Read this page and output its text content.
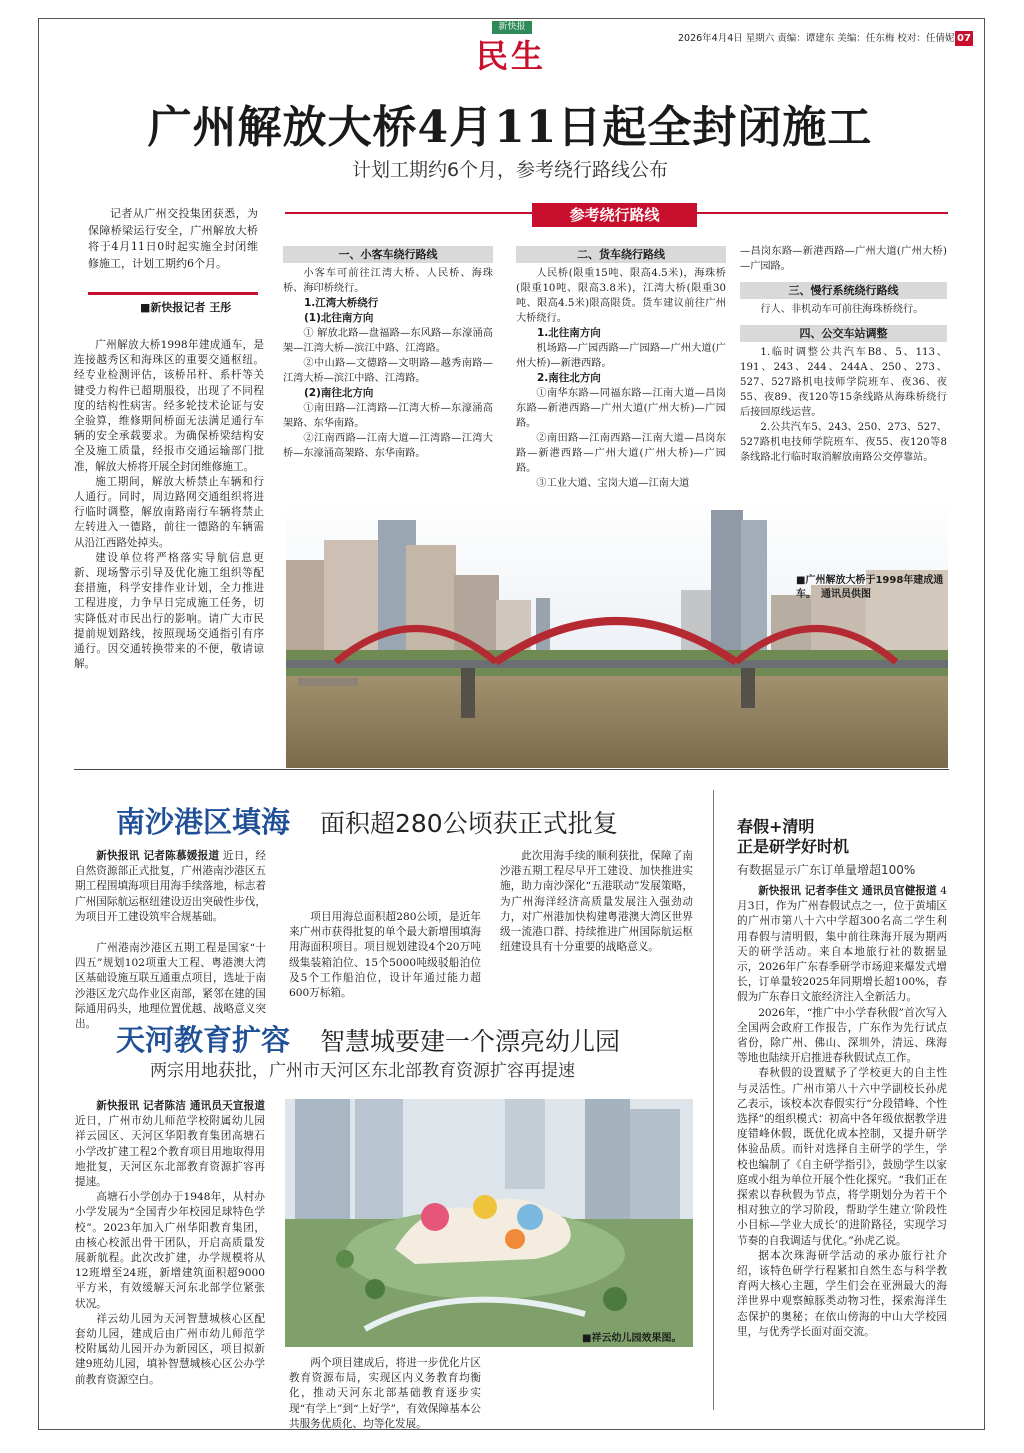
新快报
民生	2026年4月4日 星期六 责编：谭建东 美编：任东梅 校对：任倩妮 07
广州解放大桥4月11日起全封闭施工
计划工期约6个月，参考绕行路线公布
记者从广州交投集团获悉，为保障桥梁运行安全，广州解放大桥将于4月11日0时起实施全封闭维修施工，计划工期约6个月。
■新快报记者 王彤

广州解放大桥1998年建成通车，是连接越秀区和海珠区的重要交通枢纽。经专业检测评估，该桥吊杆、系杆等关键受力构件已超期服役，出现了不同程度的结构性病害。经多轮技术论证与安全验算，维修期间桥面无法满足通行车辆的安全承载要求。为确保桥梁结构安全及施工质量，经报市交通运输部门批准，解放大桥将开展全封闭维修施工。

施工期间，解放大桥禁止车辆和行人通行。同时，周边路网交通组织将进行临时调整，解放南路南行车辆将禁止左转进入一德路，前往一德路的车辆需从沿江西路处掉头。

建设单位将严格落实导航信息更新、现场警示引导及优化施工组织等配套措施，科学安排作业计划，全力推进工程进度，力争早日完成施工任务，切实降低对市民出行的影响。请广大市民提前规划路线，按照现场交通指引有序通行。因交通转换带来的不便，敬请谅解。

参考绕行路线
一、小客车绕行路线

小客车可前往江湾大桥、人民桥、海珠桥、海印桥绕行。

1.江湾大桥绕行

(1)北往南方向

① 解放北路—盘福路—东风路—东濠涌高架—江湾大桥—滨江中路、江湾路。

②中山路—文德路—文明路—越秀南路—江湾大桥—滨江中路、江湾路。

(2)南往北方向

①南田路—江湾路—江湾大桥—东濠涌高架路、东华南路。

②江南西路—江南大道—江湾路—江湾大桥—东濠涌高架路、东华南路。

二、货车绕行路线

人民桥(限重15吨、限高4.5米)，海珠桥(限重10吨、限高3.8米)，江湾大桥(限重30吨、限高4.5米)限高限货。货车建议前往广州大桥绕行。

1.北往南方向

机场路—广园西路—广园路—广州大道(广州大桥)—新港西路。

2.南往北方向

①南华东路—同福东路—江南大道—昌岗东路—新港西路—广州大道(广州大桥)—广园路。

②南田路—江南西路—江南大道—昌岗东路—新港西路—广州大道(广州大桥)—广园路。

③工业大道、宝岗大道—江南大道

—昌岗东路—新港西路—广州大道(广州大桥)—广园路。

三、慢行系统绕行路线

行人、非机动车可前往海珠桥绕行。

四、公交车站调整

1.临时调整公共汽车B8、5、113、191、243、244、244A、250、273、527、527路机电技师学院班车、夜36、夜55、夜89、夜120等15条线路从海珠桥绕行后接回原线运营。

2.公共汽车5、243、250、273、527、527路机电技师学院班车、夜55、夜120等8条线路北行临时取消解放南路公交停靠站。

■广州解放大桥于1998年建成通车。　通讯员供图
南沙港区填海 面积超280公顷获正式批复

新快报讯 记者陈慕媛报道 近日，经自然资源部正式批复，广州港南沙港区五期工程围填海项目用海手续落地，标志着广州国际航运枢纽建设迈出突破性步伐，为项目开工建设筑牢合规基础。

广州港南沙港区五期工程是国家“十四五”规划102项重大工程、粤港澳大湾区基础设施互联互通重点项目，选址于南沙港区龙穴岛作业区南部，紧邻在建的国际通用码头，地理位置优越、战略意义突出。

项目用海总面积超280公顷，是近年来广州市获得批复的单个最大新增围填海用海面积项目。项目规划建设4个20万吨级集装箱泊位、15个5000吨级驳船泊位及5个工作船泊位，设计年通过能力超600万标箱。

此次用海手续的顺利获批，保障了南沙港五期工程尽早开工建设、加快推进实施，助力南沙深化“五港联动”发展策略，为广州海洋经济高质量发展注入强劲动力，对广州港加快构建粤港澳大湾区世界级一流港口群、持续推进广州国际航运枢纽建设具有十分重要的战略意义。

天河教育扩容 智慧城要建一个漂亮幼儿园
两宗用地获批，广州市天河区东北部教育资源扩容再提速

新快报讯 记者陈洁 通讯员天宣报道 近日，广州市幼儿师范学校附属幼儿园祥云园区、天河区华阳教育集团高塘石小学改扩建工程2个教育项目用地取得用地批复，天河区东北部教育资源扩容再提速。

高塘石小学创办于1948年，从村办小学发展为“全国青少年校园足球特色学校”。2023年加入广州华阳教育集团，由核心校派出骨干团队，开启高质量发展新航程。此次改扩建，办学规模将从12班增至24班，新增建筑面积超9000平方米，有效缓解天河东北部学位紧张状况。

祥云幼儿园为天河智慧城核心区配套幼儿园，建成后由广州市幼儿师范学校附属幼儿园开办为新园区，项目拟新建9班幼儿园，填补智慧城核心区公办学前教育资源空白。

■祥云幼儿园效果图。

两个项目建成后，将进一步优化片区教育资源布局，实现区内义务教育均衡化，推动天河东北部基础教育逐步实现“有学上”到“上好学”，有效保障基本公共服务优质化、均等化发展。

春假+清明
正是研学好时机
有数据显示广东订单量增超100%

新快报讯 记者李佳文 通讯员官健报道 4月3日，作为广州春假试点之一，位于黄埔区的广州市第八十六中学超300名高二学生利用春假与清明假，集中前往珠海开展为期两天的研学活动。来自本地旅行社的数据显示，2026年广东春季研学市场迎来爆发式增长，订单量较2025年同期增长超100%，春假为广东春日文旅经济注入全新活力。

2026年，“推广中小学春秋假”首次写入全国两会政府工作报告，广东作为先行试点省份，除广州、佛山、深圳外，清远、珠海等地也陆续开启推进春秋假试点工作。

春秋假的设置赋予了学校更大的自主性与灵活性。广州市第八十六中学副校长孙虎乙表示，该校本次春假实行“分段错峰、个性选择”的组织模式：初高中各年级依据教学进度错峰休假，既优化成本控制，又提升研学体验品质。而针对选择自主研学的学生，学校也编制了《自主研学指引》，鼓励学生以家庭或小组为单位开展个性化探究。“我们正在探索以春秋假为节点，将学期划分为若干个相对独立的学习阶段，帮助学生建立‘阶段性小目标—学业大成长’的进阶路径，实现学习节奏的自我调适与优化。”孙虎乙说。

据本次珠海研学活动的承办旅行社介绍，该特色研学行程紧扣自然生态与科学教育两大核心主题，学生们会在亚洲最大的海洋世界中观察鲸豚类动物习性，探索海洋生态保护的奥秘；在依山傍海的中山大学校园里，与优秀学长面对面交流。
